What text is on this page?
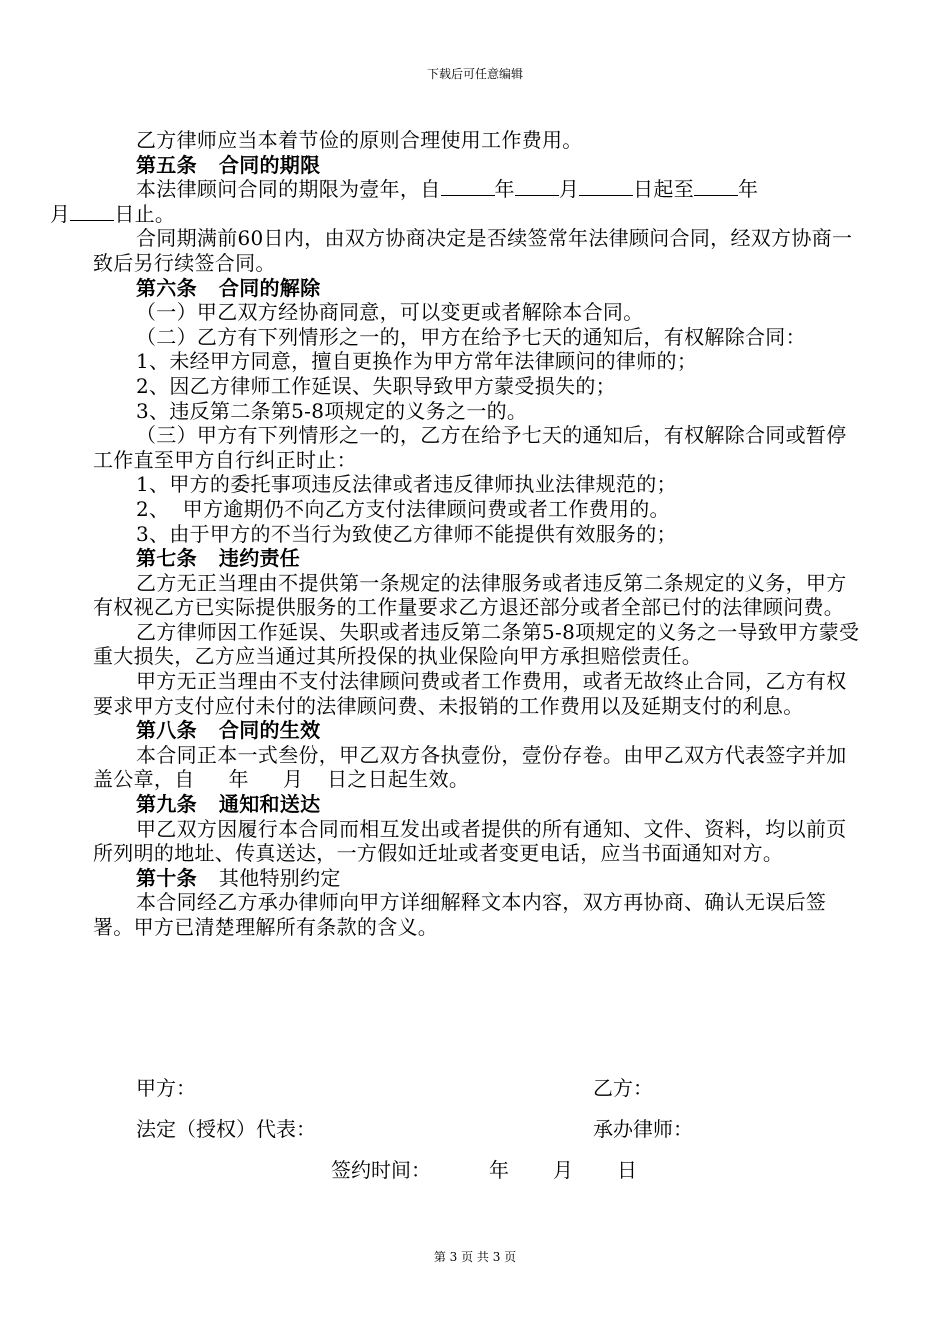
下载后可任意编辑

乙方律师应当本着节俭的原则合理使用工作费用。

第五条 合同的期限

本法律顾问合同的期限为壹年，自	年 月	日起至 年
月 日止。

合同期满前60日内，由双方协商决定是否续签常年法律顾问合同，经双方协商一致后另行续签合同。

第六条 合同的解除

（一）甲乙双方经协商同意，可以变更或者解除本合同。

（二）乙方有下列情形之一的，甲方在给予七天的通知后，有权解除合同：

1、未经甲方同意，擅自更换作为甲方常年法律顾问的律师的；

2、因乙方律师工作延误、失职导致甲方蒙受损失的；

3、违反第二条第5-8项规定的义务之一的。

（三）甲方有下列情形之一的，乙方在给予七天的通知后，有权解除合同或暂停工作直至甲方自行纠正时止：

1、甲方的委托事项违反法律或者违反律师执业法律规范的；

2、  甲方逾期仍不向乙方支付法律顾问费或者工作费用的。

3、由于甲方的不当行为致使乙方律师不能提供有效服务的；

第七条 违约责任

乙方无正当理由不提供第一条规定的法律服务或者违反第二条规定的义务，甲方有权视乙方已实际提供服务的工作量要求乙方退还部分或者全部已付的法律顾问费。

乙方律师因工作延误、失职或者违反第二条第5-8项规定的义务之一导致甲方蒙受重大损失，乙方应当通过其所投保的执业保险向甲方承担赔偿责任。

甲方无正当理由不支付法律顾问费或者工作费用，或者无故终止合同，乙方有权要求甲方支付应付未付的法律顾问费、未报销的工作费用以及延期支付的利息。

第八条 合同的生效

本合同正本一式叁份，甲乙双方各执壹份，壹份存卷。由甲乙双方代表签字并加盖公章，自 年 月 日之日起生效。

第九条 通知和送达

甲乙双方因履行本合同而相互发出或者提供的所有通知、文件、资料，均以前页所列明的地址、传真送达，一方假如迁址或者变更电话，应当书面通知对方。

第十条 其他特别约定

本合同经乙方承办律师向甲方详细解释文本内容，双方再协商、确认无误后签署。甲方已清楚理解所有条款的含义。

甲方：	乙方：
法定（授权）代表：	承办律师：
签约时间：	年 月 日
第 3 页 共 3 页
